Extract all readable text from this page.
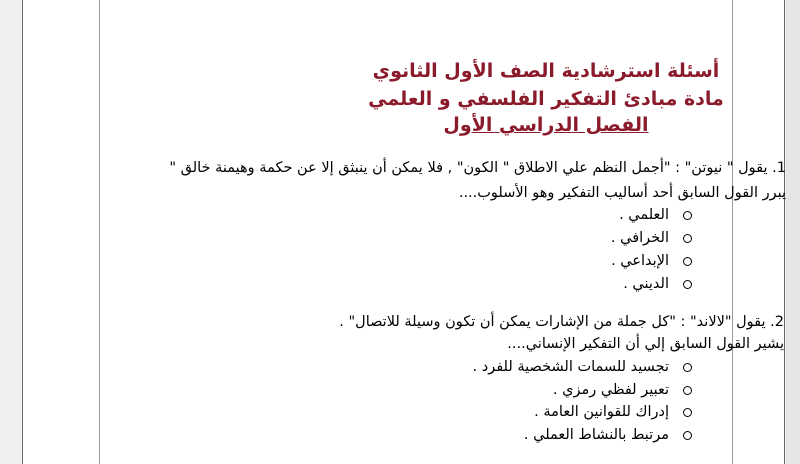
أسئلة استرشادية الصف الأول الثانوي
مادة مبادئ التفكير الفلسفي و العلمي
الفصل الدراسي الأول
1. يقول " نيوتن" : "أجمل النظم علي الاطلاق " الكون" , فلا يمكن أن ينبثق إلا عن حكمة وهيمنة خالق "
يبرر القول السابق أحد أساليب التفكير وهو الأسلوب....
العلمي .
الخرافي .
الإبداعي .
الديني .
2. يقول "لالاند" : "كل جملة من الإشارات يمكن أن تكون وسيلة للاتصال" .
يشير القول السابق إلي أن التفكير الإنساني....
تجسيد للسمات الشخصية للفرد .
تعبير لفظي رمزي .
إدراك للقوانين العامة .
مرتبط بالنشاط العملي .
